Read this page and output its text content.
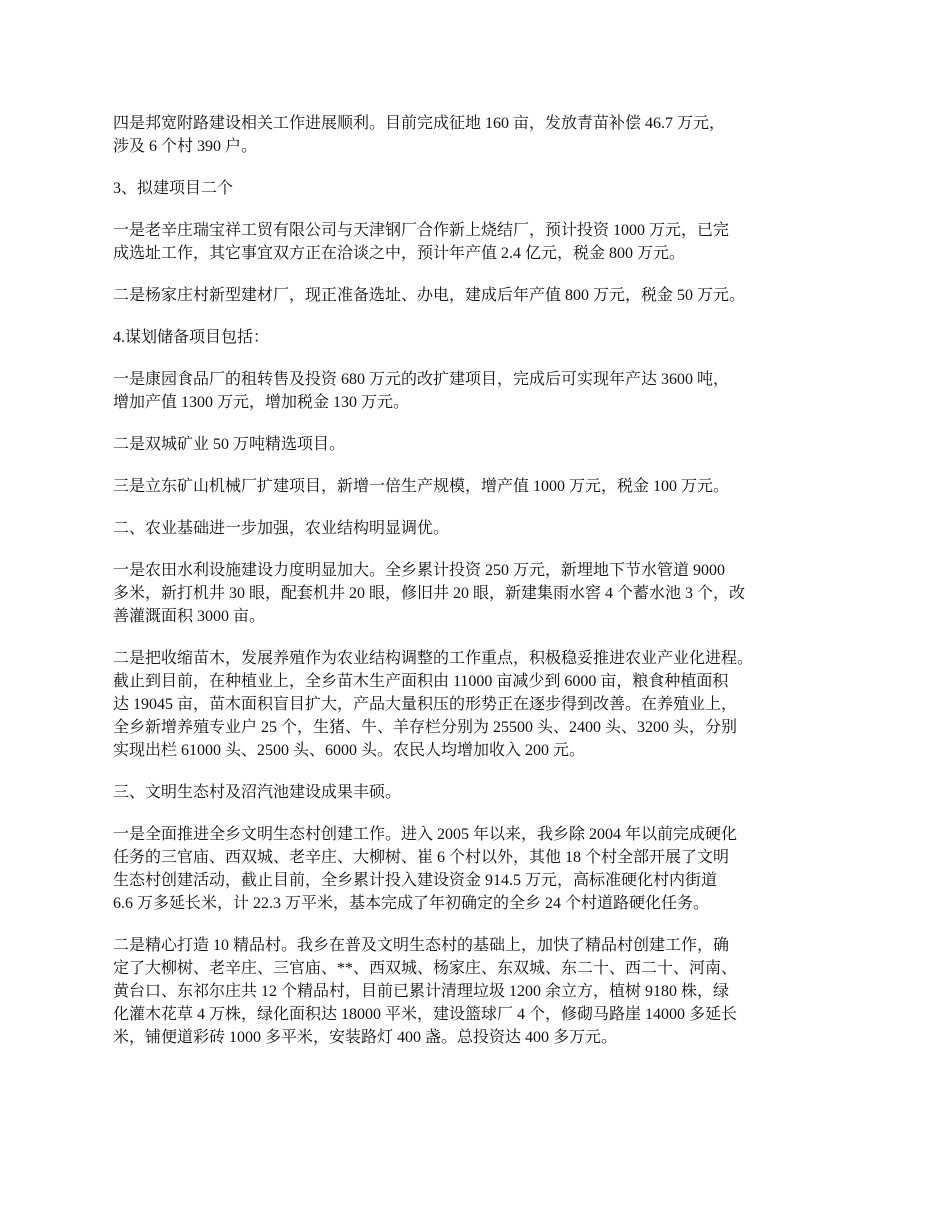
四是邦宽附路建设相关工作进展顺利。目前完成征地 160 亩，发放青苗补偿 46.7 万元，
涉及 6 个村 390 户。

3、拟建项目二个

一是老辛庄瑞宝祥工贸有限公司与天津钢厂合作新上烧结厂，预计投资 1000 万元，已完
成选址工作，其它事宜双方正在洽谈之中，预计年产值 2.4 亿元，税金 800 万元。

二是杨家庄村新型建材厂，现正准备选址、办电，建成后年产值 800 万元，税金 50 万元。

4.谋划储备项目包括：

一是康园食品厂的租转售及投资 680 万元的改扩建项目，完成后可实现年产达 3600 吨，
增加产值 1300 万元，增加税金 130 万元。

二是双城矿业 50 万吨精选项目。

三是立东矿山机械厂扩建项目，新增一倍生产规模，增产值 1000 万元，税金 100 万元。

二、农业基础进一步加强，农业结构明显调优。

一是农田水利设施建设力度明显加大。全乡累计投资 250 万元，新埋地下节水管道 9000
多米，新打机井 30 眼，配套机井 20 眼，修旧井 20 眼，新建集雨水窖 4 个蓄水池 3 个，改
善灌溉面积 3000 亩。

二是把收缩苗木，发展养殖作为农业结构调整的工作重点，积极稳妥推进农业产业化进程。
截止到目前，在种植业上，全乡苗木生产面积由 11000 亩减少到 6000 亩，粮食种植面积
达 19045 亩，苗木面积盲目扩大，产品大量积压的形势正在逐步得到改善。在养殖业上，
全乡新增养殖专业户 25 个，生猪、牛、羊存栏分别为 25500 头、2400 头、3200 头，分别
实现出栏 61000 头、2500 头、6000 头。农民人均增加收入 200 元。

三、文明生态村及沼汽池建设成果丰硕。

一是全面推进全乡文明生态村创建工作。进入 2005 年以来，我乡除 2004 年以前完成硬化
任务的三官庙、西双城、老辛庄、大柳树、崔 6 个村以外，其他 18 个村全部开展了文明
生态村创建活动，截止目前，全乡累计投入建设资金 914.5 万元，高标准硬化村内街道
6.6 万多延长米，计 22.3 万平米，基本完成了年初确定的全乡 24 个村道路硬化任务。

二是精心打造 10 精品村。我乡在普及文明生态村的基础上，加快了精品村创建工作，确
定了大柳树、老辛庄、三官庙、**、西双城、杨家庄、东双城、东二十、西二十、河南、
黄台口、东祁尔庄共 12 个精品村，目前已累计清理垃圾 1200 余立方，植树 9180 株，绿
化灌木花草 4 万株，绿化面积达 18000 平米，建设篮球厂 4 个，修砌马路崖 14000 多延长
米，铺便道彩砖 1000 多平米，安装路灯 400 盏。总投资达 400 多万元。
